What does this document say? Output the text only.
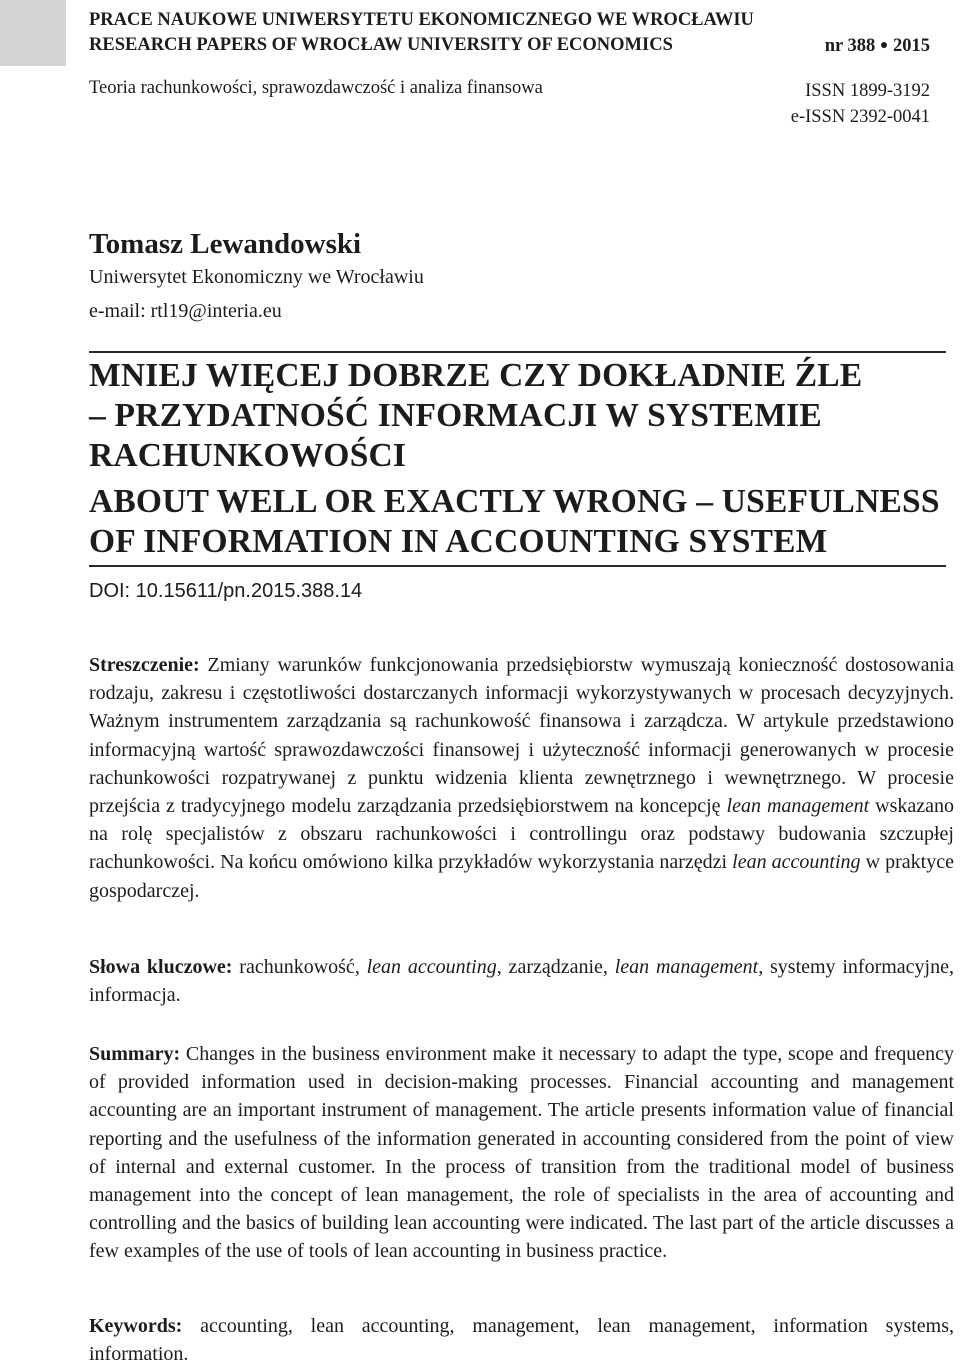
PRACE NAUKOWE UNIWERSYTETU EKONOMICZNEGO WE WROCŁAWIU
RESEARCH PAPERS OF WROCŁAW UNIVERSITY OF ECONOMICS	nr 388 ● 2015
Teoria rachunkowości, sprawozdawczość i analiza finansowa	ISSN 1899-3192
e-ISSN 2392-0041
Tomasz Lewandowski
Uniwersytet Ekonomiczny we Wrocławiu
e-mail: rtl19@interia.eu
MNIEJ WIĘCEJ DOBRZE CZY DOKŁADNIE ŹLE
– PRZYDATNOŚĆ INFORMACJI W SYSTEMIE
RACHUNKOWOŚCI
ABOUT WELL OR EXACTLY WRONG – USEFULNESS
OF INFORMATION IN ACCOUNTING SYSTEM
DOI: 10.15611/pn.2015.388.14
Streszczenie: Zmiany warunków funkcjonowania przedsiębiorstw wymuszają konieczność dostosowania rodzaju, zakresu i częstotliwości dostarczanych informacji wykorzystywanych w procesach decyzyjnych. Ważnym instrumentem zarządzania są rachunkowość finansowa i zarządcza. W artykule przedstawiono informacyjną wartość sprawozdawczości finansowej i użyteczność informacji generowanych w procesie rachunkowości rozpatrywanej z punktu widzenia klienta zewnętrznego i wewnętrznego. W procesie przejścia z tradycyjnego modelu zarządzania przedsiębiorstwem na koncepcję lean management wskazano na rolę specjalistów z obszaru rachunkowości i controllingu oraz podstawy budowania szczupłej rachunkowości. Na końcu omówiono kilka przykładów wykorzystania narzędzi lean accounting w praktyce gospodarczej.
Słowa kluczowe: rachunkowość, lean accounting, zarządzanie, lean management, systemy informacyjne, informacja.
Summary: Changes in the business environment make it necessary to adapt the type, scope and frequency of provided information used in decision-making processes. Financial accounting and management accounting are an important instrument of management. The article presents information value of financial reporting and the usefulness of the information generated in accounting considered from the point of view of internal and external customer. In the process of transition from the traditional model of business management into the concept of lean management, the role of specialists in the area of accounting and controlling and the basics of building lean accounting were indicated. The last part of the article discusses a few examples of the use of tools of lean accounting in business practice.
Keywords: accounting, lean accounting, management, lean management, information systems, information.
